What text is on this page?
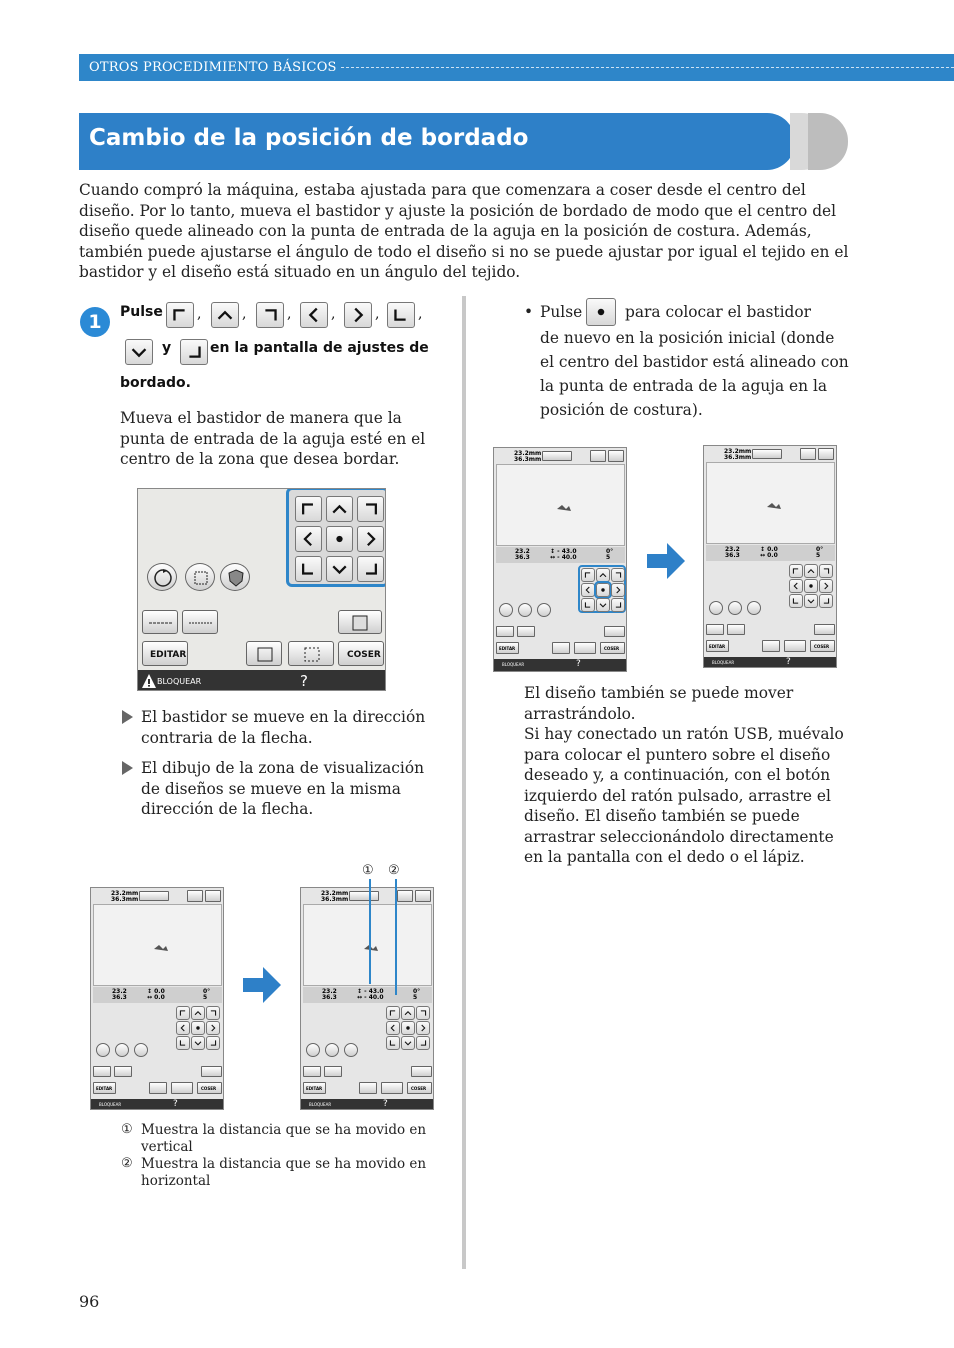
OTROS PROCEDIMIENTO BÁSICOS
Cambio de la posición de bordado

Cuando compró la máquina, estaba ajustada para que comenzara a coser desde el centro del diseño. Por lo tanto, mueva el bastidor y ajuste la posición de bordado de modo que el centro del diseño quede alineado con la punta de entrada de la aguja en la posición de costura. Además, también puede ajustarse el ángulo de todo el diseño si no se puede ajustar por igual el tejido en el bastidor y el diseño está situado en un ángulo del tejido.

1	Pulse
y	en la pantalla de ajustes de
bordado.

Mueva el bastidor de manera que la punta de entrada de la aguja esté en el centro de la zona que desea bordar.

EDITAR	COSER
BLOQUEAR	?

El bastidor se mueve en la dirección contraria de la flecha.

El dibujo de la zona de visualización de diseños se mueve en la misma dirección de la flecha.

23.2mm
36.3mm
23.2
36.3
↕ 0.0
↔ 0.0
0°
5
EDITAR	COSER
BLOQUEAR	?
23.2mm
36.3mm
23.2
36.3
↕ - 43.0
↔ - 40.0
0°
5
EDITAR	COSER
BLOQUEAR	?
① ②
① Muestra la distancia que se ha movido en vertical

② Muestra la distancia que se ha movido en horizontal

• Pulse	para colocar el bastidor

de nuevo en la posición inicial (donde el centro del bastidor está alineado con la punta de entrada de la aguja en la posición de costura).

23.2mm
36.3mm
23.2
36.3
↕ - 43.0
↔ - 40.0
0°
5
EDITAR	COSER
BLOQUEAR	?
23.2mm
36.3mm
23.2
36.3
↕ 0.0
↔ 0.0
0°
5
EDITAR	COSER
BLOQUEAR	?

El diseño también se puede mover arrastrándolo.
Si hay conectado un ratón USB, muévalo para colocar el puntero sobre el diseño deseado y, a continuación, con el botón izquierdo del ratón pulsado, arrastre el diseño. El diseño también se puede arrastrar seleccionándolo directamente en la pantalla con el dedo o el lápiz.

96
,	,	,	,	,	,
